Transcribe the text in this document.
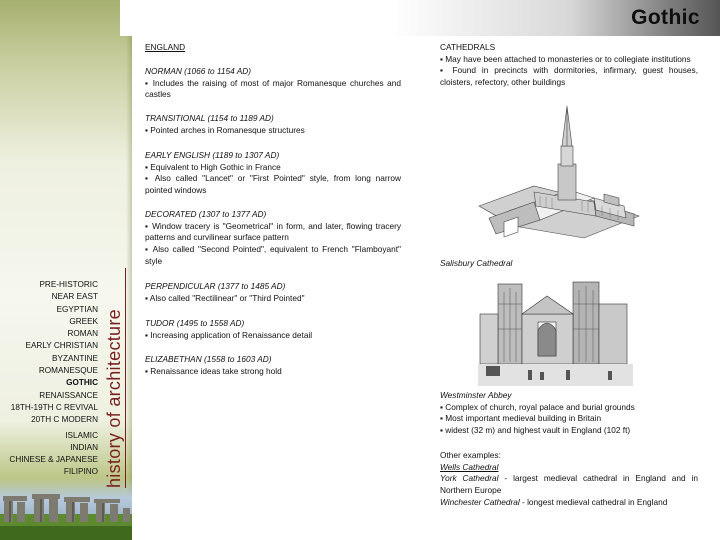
history of architecture
PRE-HISTORIC
NEAR EAST
EGYPTIAN
GREEK
ROMAN
EARLY CHRISTIAN
BYZANTINE
ROMANESQUE
GOTHIC
RENAISSANCE
18TH-19TH C REVIVAL
20TH C MODERN
ISLAMIC
INDIAN
CHINESE & JAPANESE
FILIPINO
Gothic

ENGLAND

NORMAN (1066 to 1154 AD)

▪ Includes the raising of most of major Romanesque churches and castles

TRANSITIONAL (1154 to 1189 AD)

▪ Pointed arches in Romanesque structures

EARLY ENGLISH (1189 to 1307 AD)

▪ Equivalent to High Gothic in France

▪ Also called "Lancet" or "First Pointed" style, from long narrow pointed windows

DECORATED (1307 to 1377 AD)

▪ Window tracery is "Geometrical" in form, and later, flowing tracery patterns and curvilinear surface pattern

▪ Also called "Second Pointed", equivalent to French "Flamboyant" style

PERPENDICULAR (1377 to 1485 AD)

▪ Also called "Rectilinear" or "Third Pointed"

TUDOR (1495 to 1558 AD)

▪ Increasing application of Renaissance detail

ELIZABETHAN (1558 to 1603 AD)

▪ Renaissance ideas take strong hold

CATHEDRALS

▪ May have been attached to monasteries or to collegiate institutions

▪ Found in precincts with dormitories, infirmary, guest houses, cloisters, refectory, other buildings

Salisbury Cathedral

Westminster Abbey

▪ Complex of church, royal palace and burial grounds

▪ Most important medieval building in Britain

▪ widest (32 m) and highest vault in England (102 ft)

Other examples:

Wells Cathedral

York Cathedral - largest medieval cathedral in England and in Northern Europe

Winchester Cathedral - longest medieval cathedral in England
